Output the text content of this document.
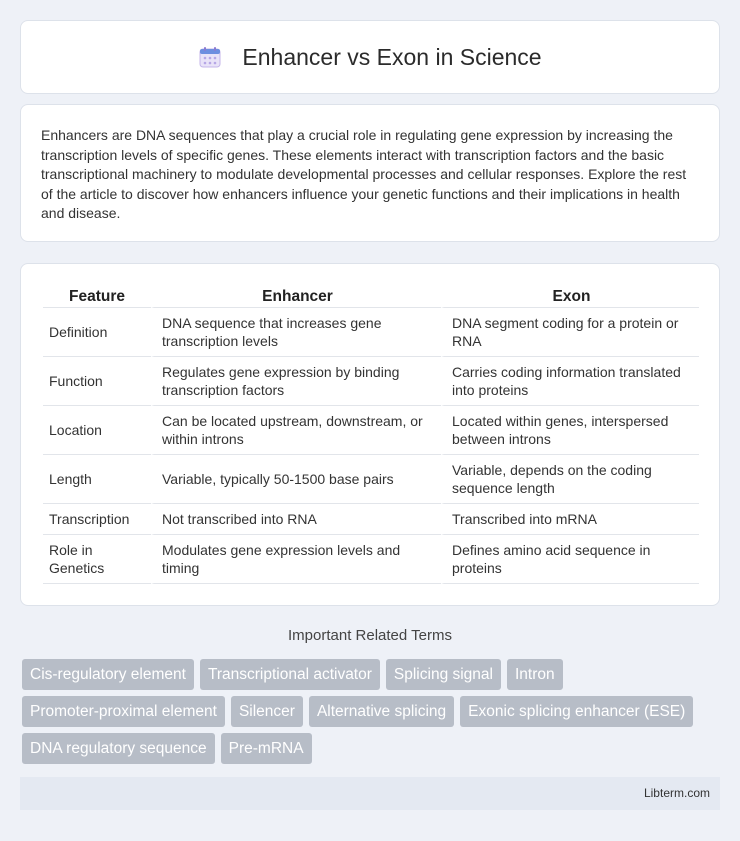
Enhancer vs Exon in Science

Enhancers are DNA sequences that play a crucial role in regulating gene expression by increasing the transcription levels of specific genes. These elements interact with transcription factors and the basic transcriptional machinery to modulate developmental processes and cellular responses. Explore the rest of the article to discover how enhancers influence your genetic functions and their implications in health and disease.

Feature	Enhancer	Exon
Definition	DNA sequence that increases gene transcription levels	DNA segment coding for a protein or RNA
Function	Regulates gene expression by binding transcription factors	Carries coding information translated into proteins
Location	Can be located upstream, downstream, or within introns	Located within genes, interspersed between introns
Length	Variable, typically 50-1500 base pairs	Variable, depends on the coding sequence length
Transcription	Not transcribed into RNA	Transcribed into mRNA
Role in Genetics	Modulates gene expression levels and timing	Defines amino acid sequence in proteins
Important Related Terms
Cis-regulatory element	Transcriptional activator	Splicing signal	Intron
Promoter-proximal element	Silencer	Alternative splicing	Exonic splicing enhancer (ESE)
DNA regulatory sequence	Pre-mRNA
Libterm.com
